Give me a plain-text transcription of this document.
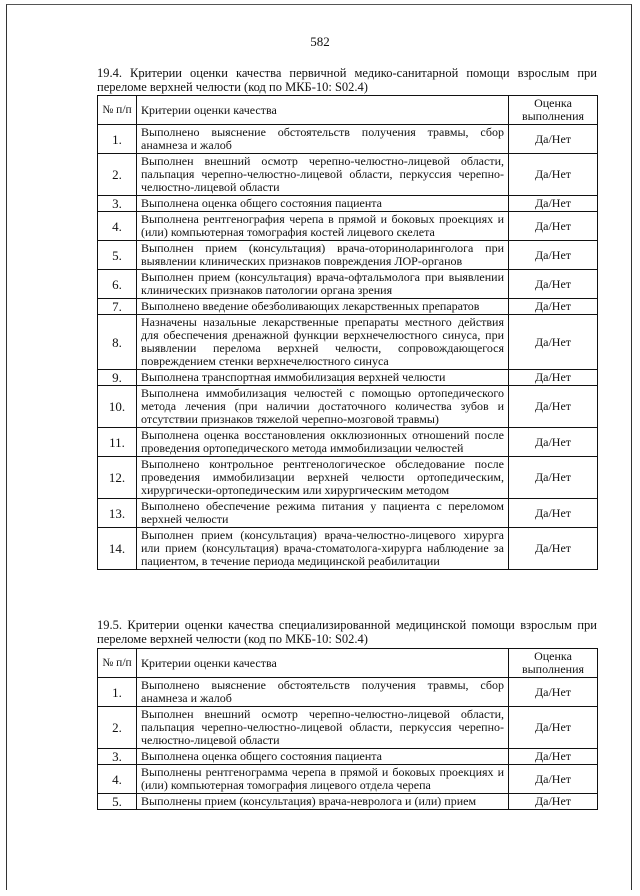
582
19.4. Критерии оценки качества первичной медико-санитарной помощи взрослым при переломе верхней челюсти (код по МКБ-10: S02.4)
№ п/п	Критерии оценки качества	Оценка выполнения
1.	Выполнено выяснение обстоятельств получения травмы, сбор анамнеза и жалоб	Да/Нет
2.	Выполнен внешний осмотр черепно-челюстно-лицевой области, пальпация черепно-челюстно-лицевой области, перкуссия черепно-челюстно-лицевой области	Да/Нет
3.	Выполнена оценка общего состояния пациента	Да/Нет
4.	Выполнена рентгенография черепа в прямой и боковых проекциях и (или) компьютерная томография костей лицевого скелета	Да/Нет
5.	Выполнен прием (консультация) врача-оториноларинголога при выявлении клинических признаков повреждения ЛОР-органов	Да/Нет
6.	Выполнен прием (консультация) врача-офтальмолога при выявлении клинических признаков патологии органа зрения	Да/Нет
7.	Выполнено введение обезболивающих лекарственных препаратов	Да/Нет
8.	Назначены назальные лекарственные препараты местного действия для обеспечения дренажной функции верхнечелюстного синуса, при выявлении перелома верхней челюсти, сопровождающегося повреждением стенки верхнечелюстного синуса	Да/Нет
9.	Выполнена транспортная иммобилизация верхней челюсти	Да/Нет
10.	Выполнена иммобилизация челюстей с помощью ортопедического метода лечения (при наличии достаточного количества зубов и отсутствии признаков тяжелой черепно-мозговой травмы)	Да/Нет
11.	Выполнена оценка восстановления окклюзионных отношений после проведения ортопедического метода иммобилизации челюстей	Да/Нет
12.	Выполнено контрольное рентгенологическое обследование после проведения иммобилизации верхней челюсти ортопедическим, хирургически-ортопедическим или хирургическим методом	Да/Нет
13.	Выполнено обеспечение режима питания у пациента с переломом верхней челюсти	Да/Нет
14.	Выполнен прием (консультация) врача-челюстно-лицевого хирурга или прием (консультация) врача-стоматолога-хирурга наблюдение за пациентом, в течение периода медицинской реабилитации	Да/Нет
19.5. Критерии оценки качества специализированной медицинской помощи взрослым при переломе верхней челюсти (код по МКБ-10: S02.4)
№ п/п	Критерии оценки качества	Оценка выполнения
1.	Выполнено выяснение обстоятельств получения травмы, сбор анамнеза и жалоб	Да/Нет
2.	Выполнен внешний осмотр черепно-челюстно-лицевой области, пальпация черепно-челюстно-лицевой области, перкуссия черепно-челюстно-лицевой области	Да/Нет
3.	Выполнена оценка общего состояния пациента	Да/Нет
4.	Выполнены рентгенограмма черепа в прямой и боковых проекциях и (или) компьютерная томография лицевого отдела черепа	Да/Нет
5.	Выполнены прием (консультация) врача-невролога и (или) прием	Да/Нет
